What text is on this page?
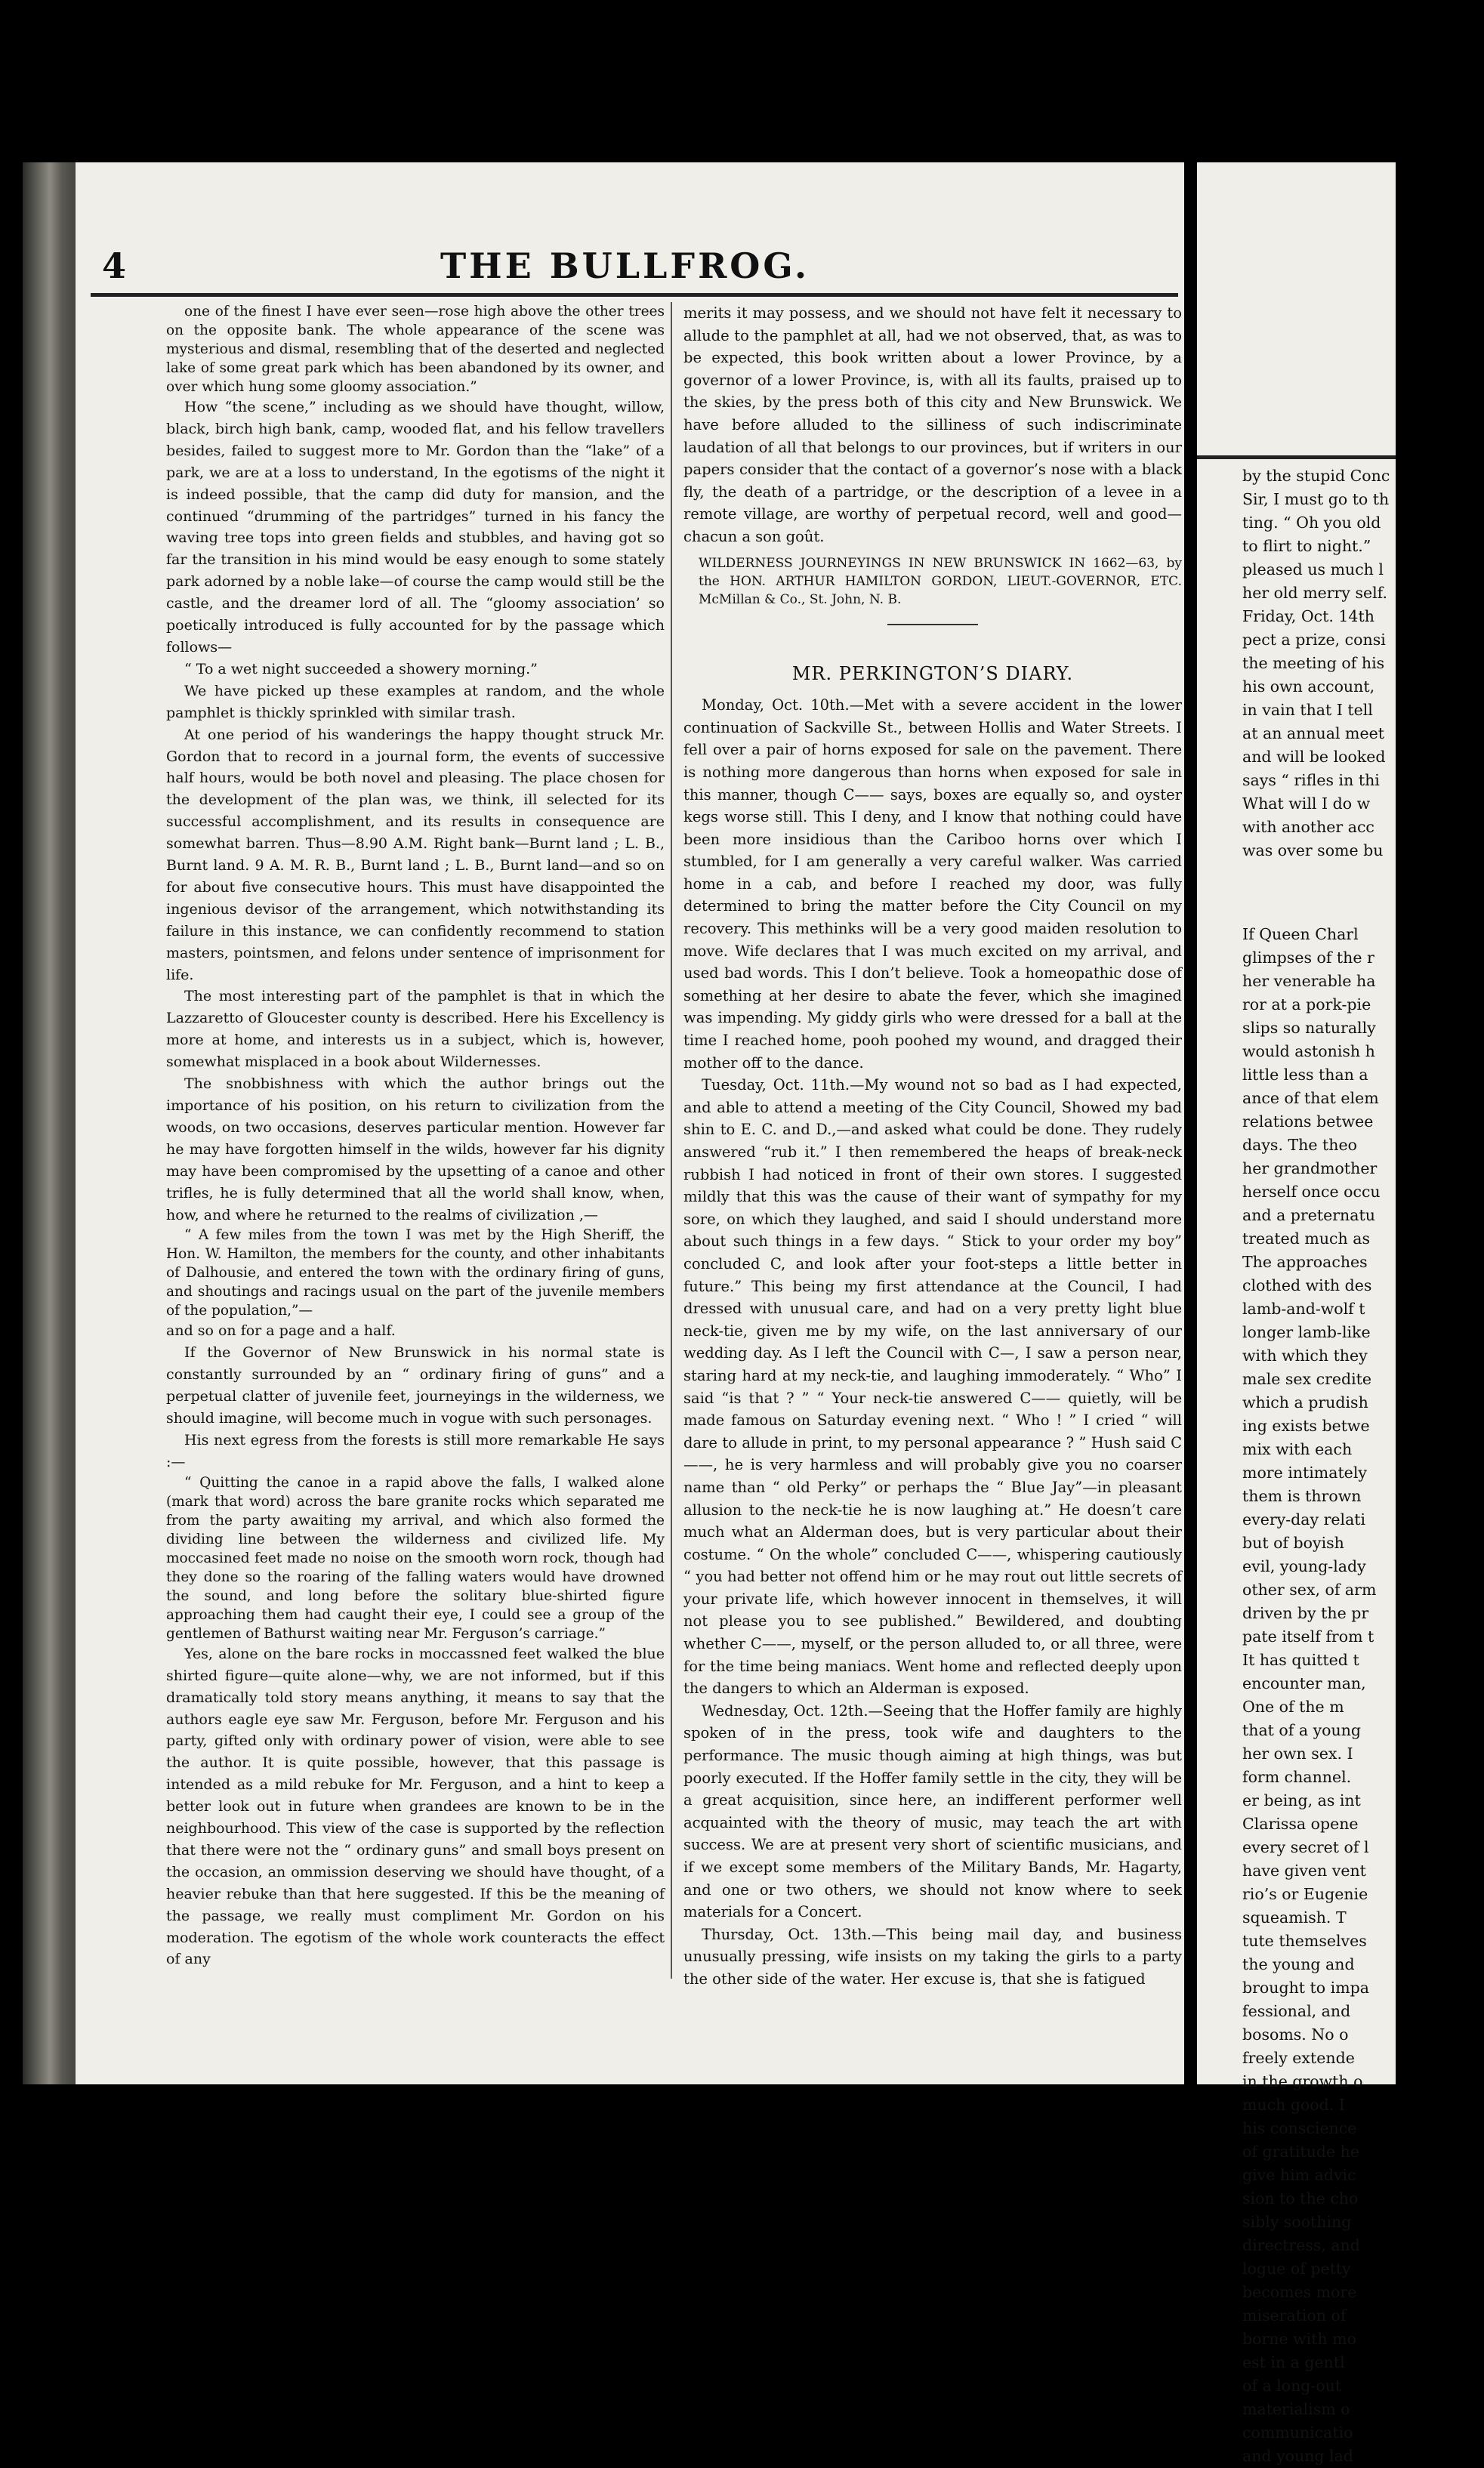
by the stupid Conc
Sir, I must go to th
ting. “ Oh you old
to flirt to night.”
pleased us much l
her old merry self.
Friday, Oct. 14th
pect a prize, consi
the meeting of his
his own account,
in vain that I tell
at an annual meet
and will be looked
says “ rifles in thi
What will I do w
with another acc
was over some bu
If Queen Charl
glimpses of the r
her venerable ha
ror at a pork-pie
slips so naturally
would astonish h
little less than a
ance of that elem
relations betwee
days. The theo
her grandmother
herself once occu
and a preternatu
treated much as
The approaches
clothed with des
lamb-and-wolf t
longer lamb-like
with which they
male sex credite
which a prudish
ing exists betwe
mix with each
more intimately
them is thrown
every-day relati
but of boyish
evil, young-lady
other sex, of arm
driven by the pr
pate itself from t
It has quitted t
encounter man,
One of the m
that of a young
her own sex. I
form channel.
er being, as int
Clarissa opene
every secret of l
have given vent
rio’s or Eugenie
squeamish. T
tute themselves
the young and
brought to impa
fessional, and
bosoms. No o
freely extende
in the growth o
much good. I
his conscience
of gratitude he
give him advic
sion to the cho
sibly soothing
directress, and
logue of petty
becomes more
miseration of
borne with mo
est in a gentl
of a long-out
materialism o
communicatio
and young lad
4	THE BULLFROG.

one of the finest I have ever seen—rose high above the other trees on the opposite bank. The whole appearance of the scene was mysterious and dismal, resembling that of the deserted and neglected lake of some great park which has been abandoned by its owner, and over which hung some gloomy association.”

How “the scene,” including as we should have thought, willow, black, birch high bank, camp, wooded flat, and his fellow travellers besides, failed to suggest more to Mr. Gordon than the “lake” of a park, we are at a loss to understand, In the egotisms of the night it is indeed possible, that the camp did duty for mansion, and the continued “drumming of the partridges” turned in his fancy the waving tree tops into green fields and stubbles, and having got so far the transition in his mind would be easy enough to some stately park adorned by a noble lake—of course the camp would still be the castle, and the dreamer lord of all. The “gloomy association’ so poetically introduced is fully accounted for by the passage which follows—

“ To a wet night succeeded a showery morning.”

We have picked up these examples at random, and the whole pamphlet is thickly sprinkled with similar trash.

At one period of his wanderings the happy thought struck Mr. Gordon that to record in a journal form, the events of successive half hours, would be both novel and pleasing. The place chosen for the development of the plan was, we think, ill selected for its successful accomplishment, and its results in consequence are somewhat barren. Thus—8.90 A.M. Right bank—Burnt land ; L. B., Burnt land. 9 A. M. R. B., Burnt land ; L. B., Burnt land—and so on for about five consecutive hours. This must have disappointed the ingenious devisor of the arrangement, which notwithstanding its failure in this instance, we can confidently recommend to station masters, pointsmen, and felons under sentence of imprisonment for life.

The most interesting part of the pamphlet is that in which the Lazzaretto of Gloucester county is described. Here his Excellency is more at home, and interests us in a subject, which is, however, somewhat misplaced in a book about Wildernesses.

The snobbishness with which the author brings out the importance of his position, on his return to civilization from the woods, on two occasions, deserves particular mention. However far he may have forgotten himself in the wilds, however far his dignity may have been compromised by the upsetting of a canoe and other trifles, he is fully determined that all the world shall know, when, how, and where he returned to the realms of civilization ,—

“ A few miles from the town I was met by the High Sheriff, the Hon. W. Hamilton, the members for the county, and other inhabitants of Dalhousie, and entered the town with the ordinary firing of guns, and shoutings and racings usual on the part of the juvenile members of the population,”—

and so on for a page and a half.

If the Governor of New Brunswick in his normal state is constantly surrounded by an “ ordinary firing of guns” and a perpetual clatter of juvenile feet, journeyings in the wilderness, we should imagine, will become much in vogue with such personages.

His next egress from the forests is still more remarkable He says :—

“ Quitting the canoe in a rapid above the falls, I walked alone (mark that word) across the bare granite rocks which separated me from the party awaiting my arrival, and which also formed the dividing line between the wilderness and civilized life. My moccasined feet made no noise on the smooth worn rock, though had they done so the roaring of the falling waters would have drowned the sound, and long before the solitary blue-shirted figure approaching them had caught their eye, I could see a group of the gentlemen of Bathurst waiting near Mr. Ferguson’s carriage.”

Yes, alone on the bare rocks in moccassned feet walked the blue shirted figure—quite alone—why, we are not informed, but if this dramatically told story means anything, it means to say that the authors eagle eye saw Mr. Ferguson, before Mr. Ferguson and his party, gifted only with ordinary power of vision, were able to see the author. It is quite possible, however, that this passage is intended as a mild rebuke for Mr. Ferguson, and a hint to keep a better look out in future when grandees are known to be in the neighbourhood. This view of the case is supported by the reflection that there were not the “ ordinary guns” and small boys present on the occasion, an ommission deserving we should have thought, of a heavier rebuke than that here suggested. If this be the meaning of the passage, we really must compliment Mr. Gordon on his moderation. The egotism of the whole work counteracts the effect of any

merits it may possess, and we should not have felt it necessary to allude to the pamphlet at all, had we not observed, that, as was to be expected, this book written about a lower Province, by a governor of a lower Province, is, with all its faults, praised up to the skies, by the press both of this city and New Brunswick. We have before alluded to the silliness of such indiscriminate laudation of all that belongs to our provinces, but if writers in our papers consider that the contact of a governor’s nose with a black fly, the death of a partridge, or the description of a levee in a remote village, are worthy of perpetual record, well and good—chacun a son goût.

WILDERNESS JOURNEYINGS IN NEW BRUNSWICK IN 1662—63, by the HON. ARTHUR HAMILTON GORDON, LIEUT.-GOVERNOR, ETC. McMillan & Co., St. John, N. B.

MR. PERKINGTON’S DIARY.

Monday, Oct. 10th.—Met with a severe accident in the lower continuation of Sackville St., between Hollis and Water Streets. I fell over a pair of horns exposed for sale on the pavement. There is nothing more dangerous than horns when exposed for sale in this manner, though C—— says, boxes are equally so, and oyster kegs worse still. This I deny, and I know that nothing could have been more insidious than the Cariboo horns over which I stumbled, for I am generally a very careful walker. Was carried home in a cab, and before I reached my door, was fully determined to bring the matter before the City Council on my recovery. This methinks will be a very good maiden resolution to move. Wife declares that I was much excited on my arrival, and used bad words. This I don’t believe. Took a homeopathic dose of something at her desire to abate the fever, which she imagined was impending. My giddy girls who were dressed for a ball at the time I reached home, pooh poohed my wound, and dragged their mother off to the dance.

Tuesday, Oct. 11th.—My wound not so bad as I had expected, and able to attend a meeting of the City Council, Showed my bad shin to E. C. and D.,—and asked what could be done. They rudely answered “rub it.” I then remembered the heaps of break-neck rubbish I had noticed in front of their own stores. I suggested mildly that this was the cause of their want of sympathy for my sore, on which they laughed, and said I should understand more about such things in a few days. “ Stick to your order my boy” concluded C, and look after your foot-steps a little better in future.” This being my first attendance at the Council, I had dressed with unusual care, and had on a very pretty light blue neck-tie, given me by my wife, on the last anniversary of our wedding day. As I left the Council with C—, I saw a person near, staring hard at my neck-tie, and laughing immoderately. “ Who” I said “is that ? ” “ Your neck-tie answered C—— quietly, will be made famous on Saturday evening next. “ Who ! ” I cried “ will dare to allude in print, to my personal appearance ? ” Hush said C——, he is very harmless and will probably give you no coarser name than “ old Perky” or perhaps the “ Blue Jay”—in pleasant allusion to the neck-tie he is now laughing at.” He doesn’t care much what an Alderman does, but is very particular about their costume. “ On the whole” concluded C——, whispering cautiously “ you had better not offend him or he may rout out little secrets of your private life, which however innocent in themselves, it will not please you to see published.” Bewildered, and doubting whether C——, myself, or the person alluded to, or all three, were for the time being maniacs. Went home and reflected deeply upon the dangers to which an Alderman is exposed.

Wednesday, Oct. 12th.—Seeing that the Hoffer family are highly spoken of in the press, took wife and daughters to the performance. The music though aiming at high things, was but poorly executed. If the Hoffer family settle in the city, they will be a great acquisition, since here, an indifferent performer well acquainted with the theory of music, may teach the art with success. We are at present very short of scientific musicians, and if we except some members of the Military Bands, Mr. Hagarty, and one or two others, we should not know where to seek materials for a Concert.

Thursday, Oct. 13th.—This being mail day, and business unusually pressing, wife insists on my taking the girls to a party the other side of the water. Her excuse is, that she is fatigued
